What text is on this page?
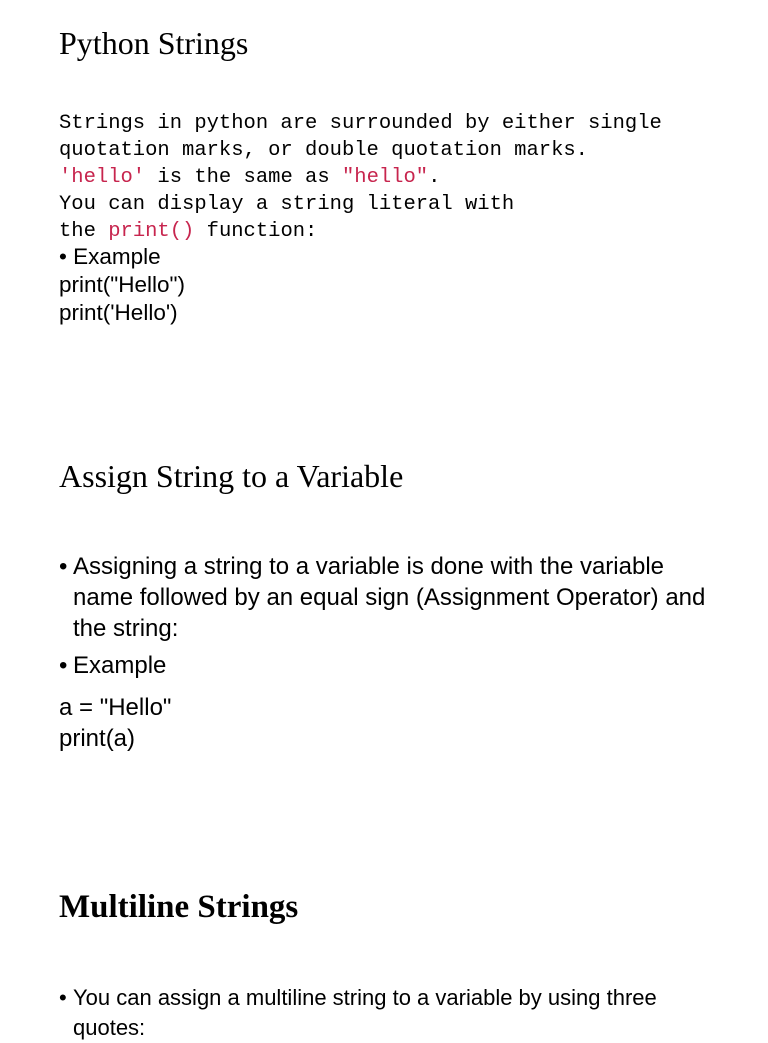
Python Strings
Strings in python are surrounded by either single
quotation marks, or double quotation marks.
'hello' is the same as "hello".
You can display a string literal with
the print() function:
• Example
print("Hello")
print('Hello')
Assign String to a Variable

• Assigning a string to a variable is done with the variable name followed by an equal sign (Assignment Operator) and the string:

• Example

a = "Hello"
print(a)
Multiline Strings

• You can assign a multiline string to a variable by using three quotes:
